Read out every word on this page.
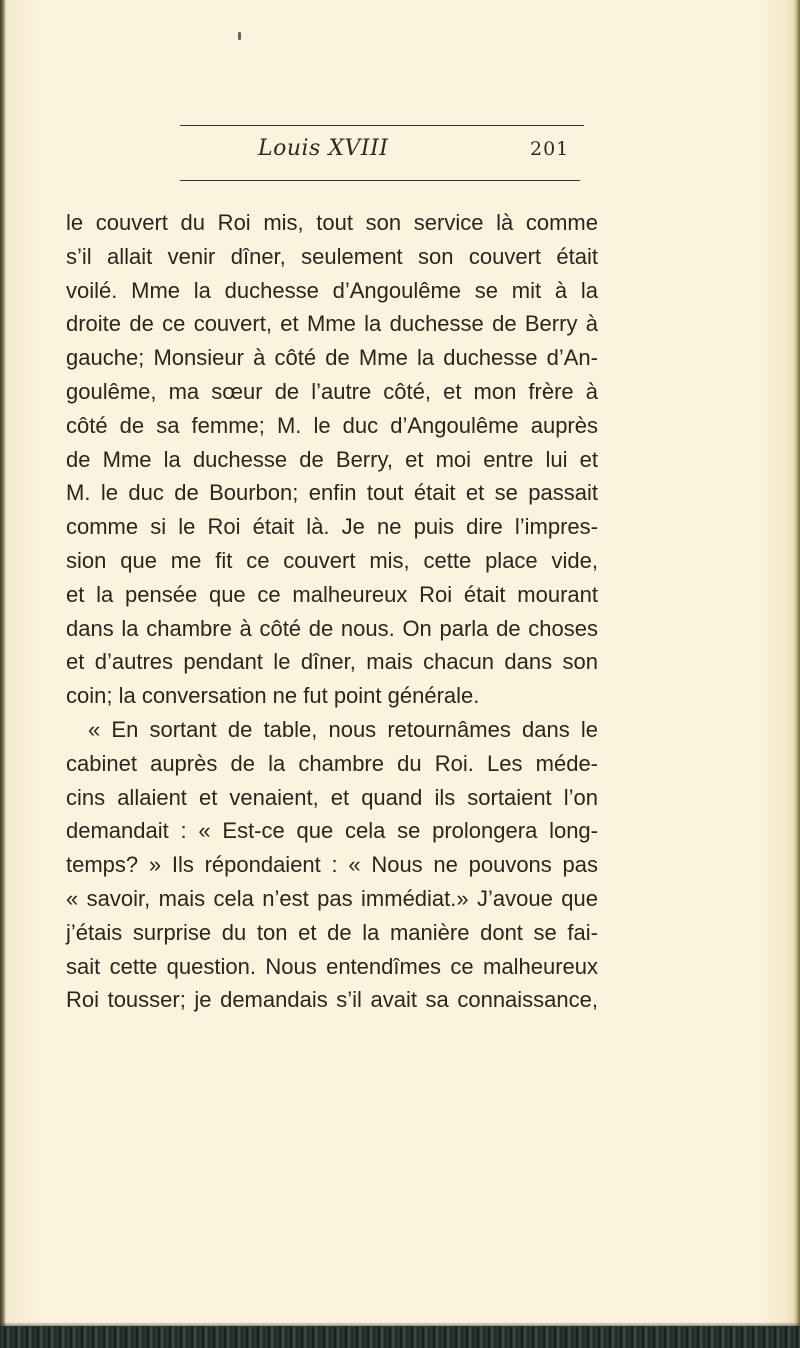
Louis XVIII	201
le couvert du Roi mis, tout son service là comme
s’il allait venir dîner, seulement son couvert était
voilé. Mme la duchesse d’Angoulême se mit à la
droite de ce couvert, et Mme la duchesse de Berry à
gauche; Monsieur à côté de Mme la duchesse d’An-
goulême, ma sœur de l’autre côté, et mon frère à
côté de sa femme; M. le duc d’Angoulême auprès
de Mme la duchesse de Berry, et moi entre lui et
M. le duc de Bourbon; enfin tout était et se passait
comme si le Roi était là. Je ne puis dire l’impres-
sion que me fit ce couvert mis, cette place vide,
et la pensée que ce malheureux Roi était mourant
dans la chambre à côté de nous. On parla de choses
et d’autres pendant le dîner, mais chacun dans son
coin; la conversation ne fut point générale.
« En sortant de table, nous retournâmes dans le
cabinet auprès de la chambre du Roi. Les méde-
cins allaient et venaient, et quand ils sortaient l’on
demandait : « Est-ce que cela se prolongera long-
temps? » Ils répondaient : « Nous ne pouvons pas
« savoir, mais cela n’est pas immédiat.» J’avoue que
j’étais surprise du ton et de la manière dont se fai-
sait cette question. Nous entendîmes ce malheureux
Roi tousser; je demandais s’il avait sa connaissance,
